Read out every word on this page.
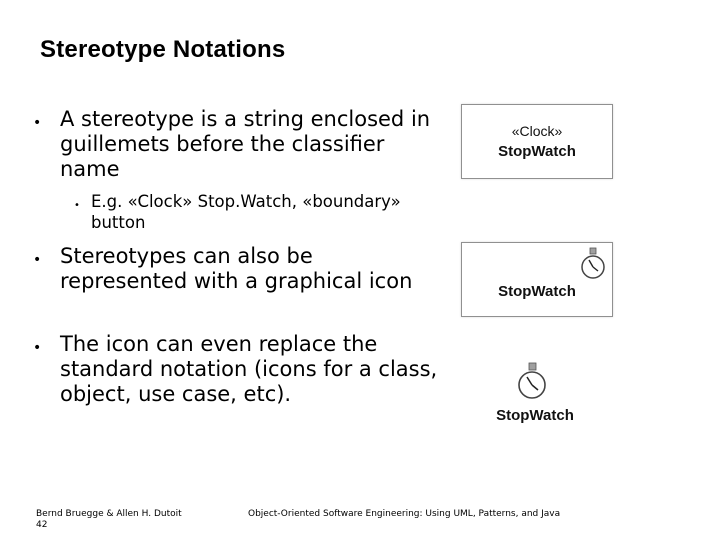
Stereotype Notations
• A stereotype is a string enclosed in guillemets before the classifier name
• E.g. «Clock» Stop.Watch, «boundary» button
• Stereotypes can also be represented with a graphical icon
• The icon can even replace the standard notation (icons for a class, object, use case, etc).
«Clock»
StopWatch
StopWatch
StopWatch
Bernd Bruegge & Allen H. Dutoit
42
Object-Oriented Software Engineering: Using UML, Patterns, and Java
